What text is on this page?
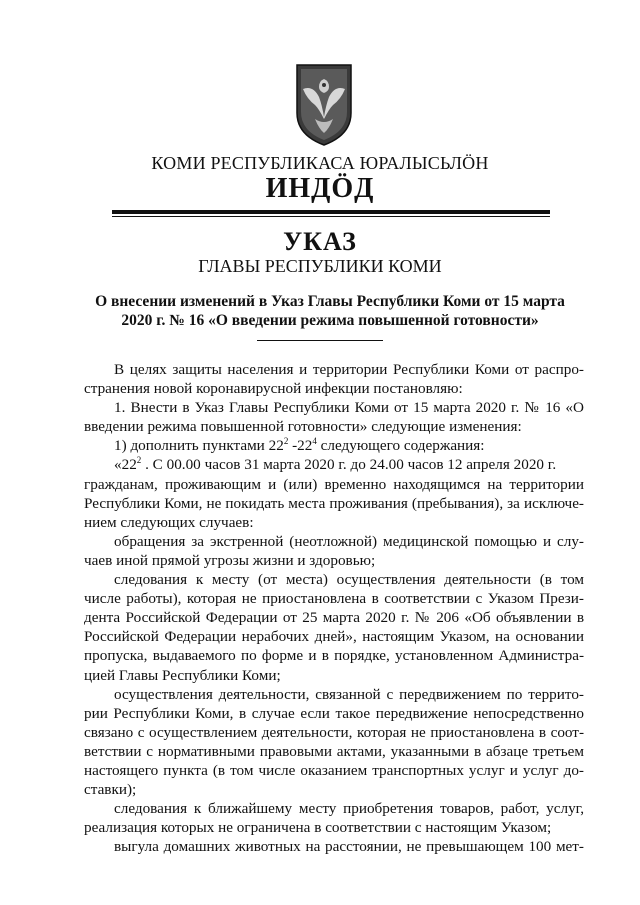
КОМИ РЕСПУБЛИКАСА ЮРАЛЫСЬЛÖН
ИНДÖД
УКАЗ
ГЛАВЫ РЕСПУБЛИКИ КОМИ
О внесении изменений в Указ Главы Республики Коми от 15 марта
2020 г. № 16 «О введении режима повышенной готовности»
В целях защиты населения и территории Республики Коми от распро-
странения новой коронавирусной инфекции постановляю:
1. Внести в Указ Главы Республики Коми от 15 марта 2020 г. № 16 «О
введении режима повышенной готовности» следующие изменения:
1) дополнить пунктами $22^2$ $-22^4$ следующего содержания:
«$22^2$ . С 00.00 часов 31 марта 2020 г. до 24.00 часов 12 апреля 2020 г.
гражданам, проживающим и (или) временно находящимся на территории
Республики Коми, не покидать места проживания (пребывания), за исключе-
нием следующих случаев:
обращения за экстренной (неотложной) медицинской помощью и слу-
чаев иной прямой угрозы жизни и здоровью;
следования к месту (от места) осуществления деятельности (в том
числе работы), которая не приостановлена в соответствии с Указом Прези-
дента Российской Федерации от 25 марта 2020 г. № 206 «Об объявлении в
Российской Федерации нерабочих дней», настоящим Указом, на основании
пропуска, выдаваемого по форме и в порядке, установленном Администра-
цией Главы Республики Коми;
осуществления деятельности, связанной с передвижением по террито-
рии Республики Коми, в случае если такое передвижение непосредственно
связано с осуществлением деятельности, которая не приостановлена в соот-
ветствии с нормативными правовыми актами, указанными в абзаце третьем
настоящего пункта (в том числе оказанием транспортных услуг и услуг до-
ставки);
следования к ближайшему месту приобретения товаров, работ, услуг,
реализация которых не ограничена в соответствии с настоящим Указом;
выгула домашних животных на расстоянии, не превышающем 100 мет-
